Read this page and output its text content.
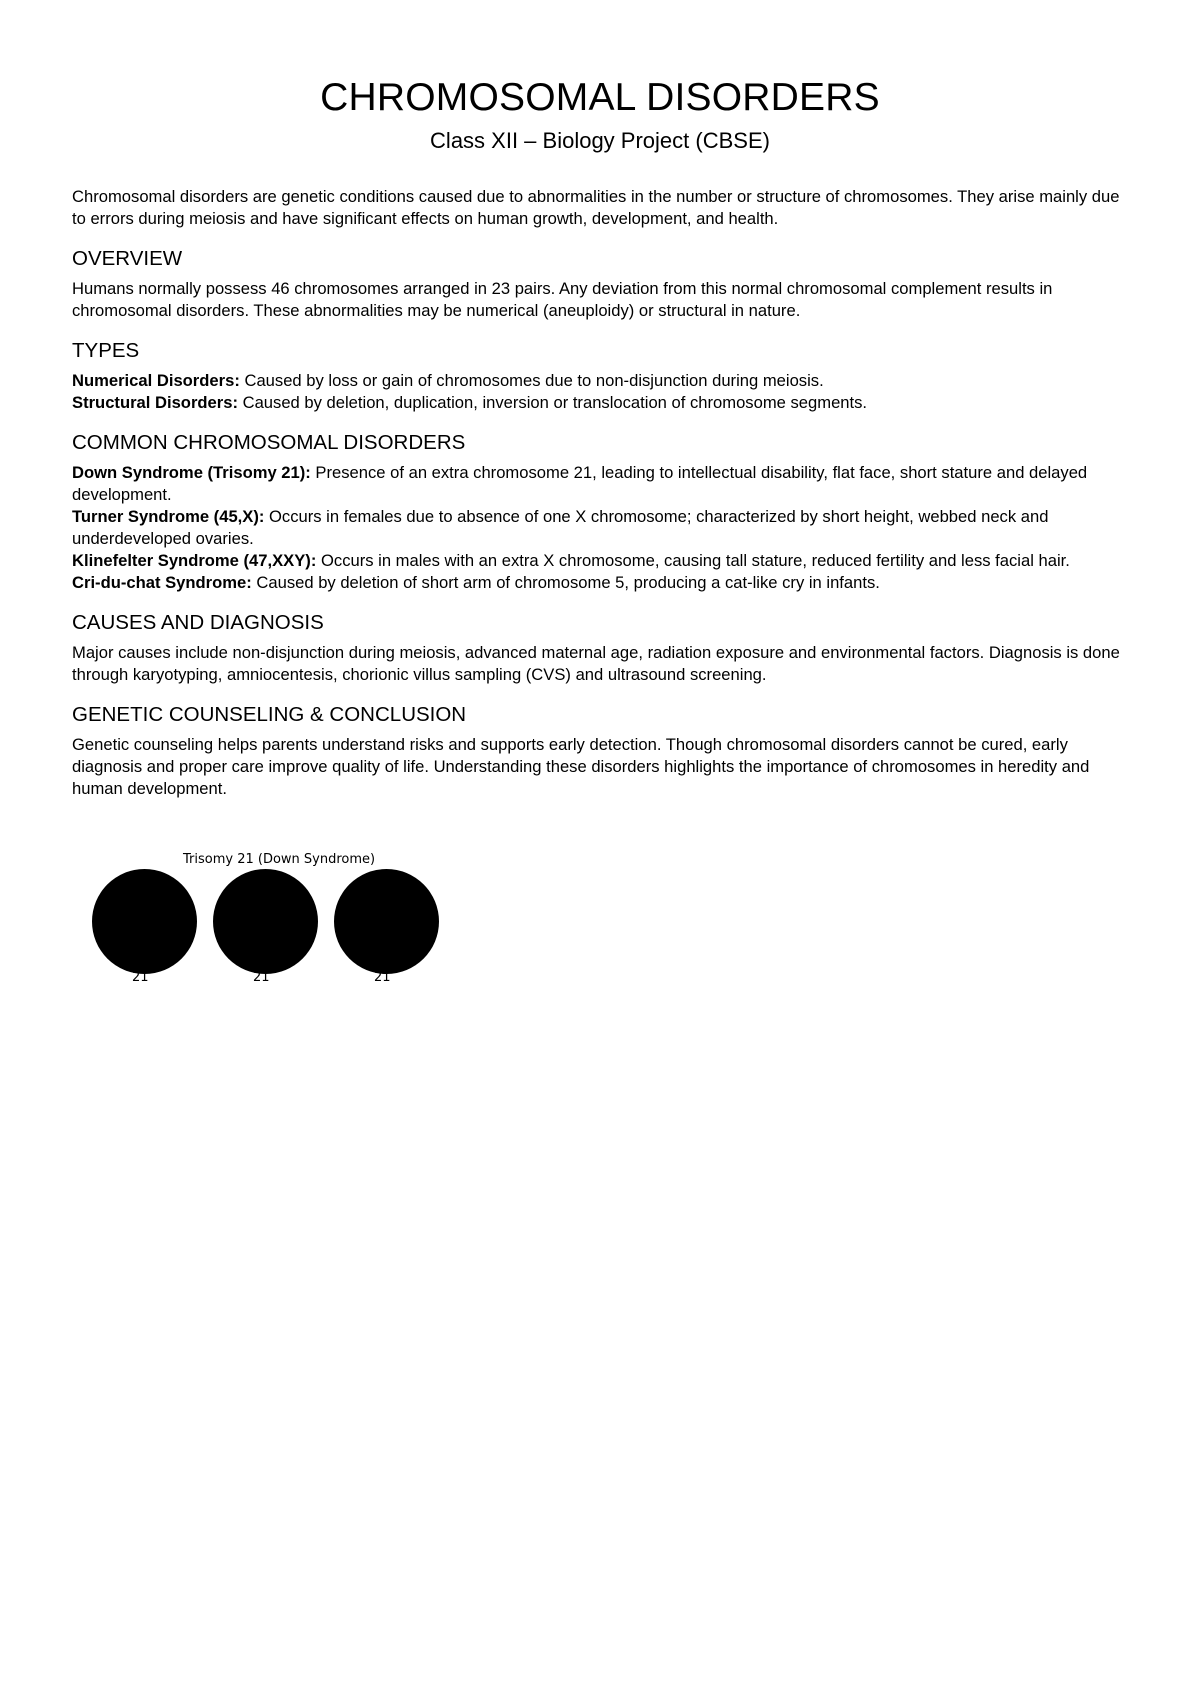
CHROMOSOMAL DISORDERS
Class XII – Biology Project (CBSE)

Chromosomal disorders are genetic conditions caused due to abnormalities in the number or structure of chromosomes. They arise mainly due to errors during meiosis and have significant effects on human growth, development, and health.

OVERVIEW

Humans normally possess 46 chromosomes arranged in 23 pairs. Any deviation from this normal chromosomal complement results in chromosomal disorders. These abnormalities may be numerical (aneuploidy) or structural in nature.

TYPES

Numerical Disorders: Caused by loss or gain of chromosomes due to non-disjunction during meiosis.

Structural Disorders: Caused by deletion, duplication, inversion or translocation of chromosome segments.

COMMON CHROMOSOMAL DISORDERS

Down Syndrome (Trisomy 21): Presence of an extra chromosome 21, leading to intellectual disability, flat face, short stature and delayed development.

Turner Syndrome (45,X): Occurs in females due to absence of one X chromosome; characterized by short height, webbed neck and underdeveloped ovaries.

Klinefelter Syndrome (47,XXY): Occurs in males with an extra X chromosome, causing tall stature, reduced fertility and less facial hair.

Cri-du-chat Syndrome: Caused by deletion of short arm of chromosome 5, producing a cat-like cry in infants.

CAUSES AND DIAGNOSIS

Major causes include non-disjunction during meiosis, advanced maternal age, radiation exposure and environmental factors. Diagnosis is done through karyotyping, amniocentesis, chorionic villus sampling (CVS) and ultrasound screening.

GENETIC COUNSELING & CONCLUSION

Genetic counseling helps parents understand risks and supports early detection. Though chromosomal disorders cannot be cured, early diagnosis and proper care improve quality of life. Understanding these disorders highlights the importance of chromosomes in heredity and human development.

Trisomy 21 (Down Syndrome)
21	21	21
